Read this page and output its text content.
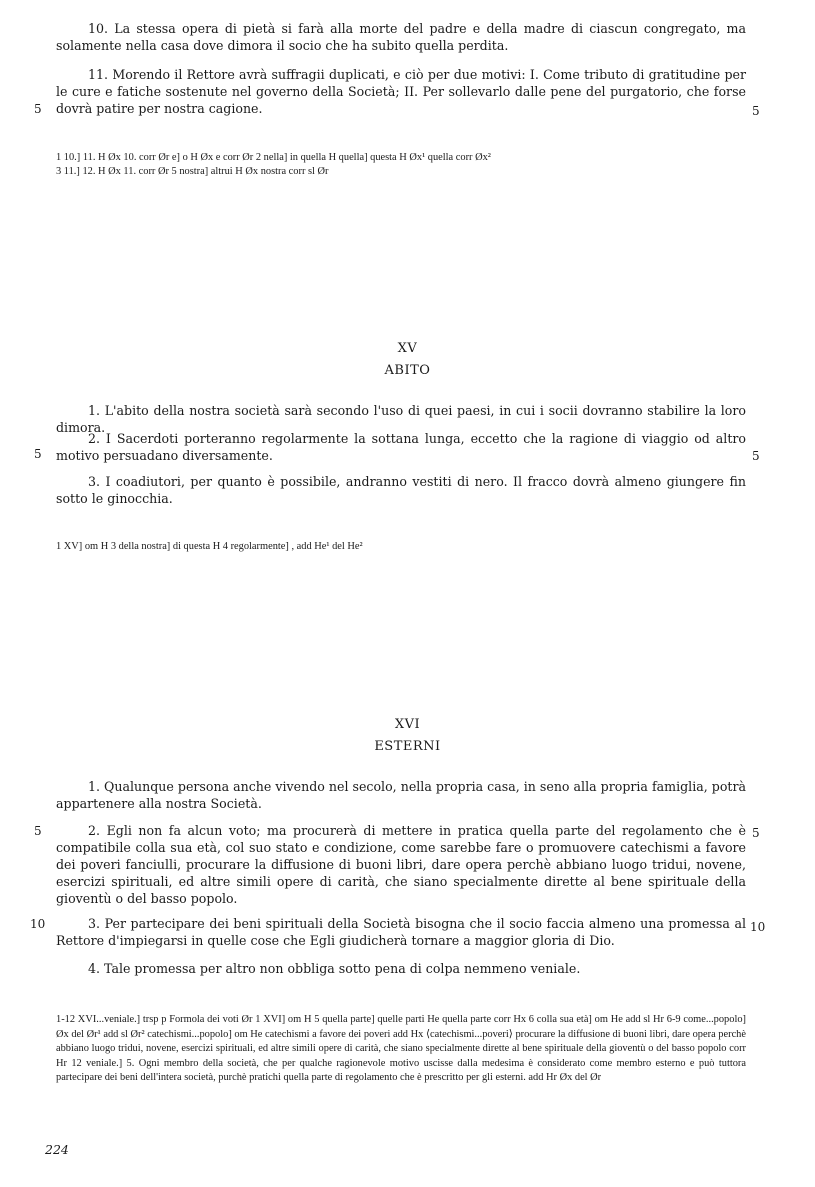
10. La stessa opera di pietà si farà alla morte del padre e della madre di ciascun congregato, ma solamente nella casa dove dimora il socio che ha subito quella perdita.
11. Morendo il Rettore avrà suffragii duplicati, e ciò per due motivi: I. Come tributo di gratitudine per le cure e fatiche sostenute nel governo della Società; II. Per sollevarlo dalle pene del purgatorio, che forse dovrà patire per nostra cagione.
5	5
1 10.] 11. H Øx 10. corr Ør e] o H Øx e corr Ør 2 nella] in quella H quella] questa H Øx¹ quella corr Øx²
3 11.] 12. H Øx 11. corr Ør 5 nostra] altrui H Øx nostra corr sl Ør
XV
ABITO
1. L'abito della nostra società sarà secondo l'uso di quei paesi, in cui i socii dovranno stabilire la loro dimora.
2. I Sacerdoti porteranno regolarmente la sottana lunga, eccetto che la ragione di viaggio od altro motivo persuadano diversamente.
5	5
3. I coadiutori, per quanto è possibile, andranno vestiti di nero. Il fracco dovrà almeno giungere fin sotto le ginocchia.
1 XV] om H 3 della nostra] di questa H 4 regolarmente] , add He¹ del He²
XVI
ESTERNI
1. Qualunque persona anche vivendo nel secolo, nella propria casa, in seno alla propria famiglia, potrà appartenere alla nostra Società.
2. Egli non fa alcun voto; ma procurerà di mettere in pratica quella parte del regolamento che è compatibile colla sua età, col suo stato e condizione, come sarebbe fare o promuovere catechismi a favore dei poveri fanciulli, procurare la diffusione di buoni libri, dare opera perchè abbiano luogo tridui, novene, esercizi spirituali, ed altre simili opere di carità, che siano specialmente dirette al bene spirituale della gioventù o del basso popolo.
5	5
3. Per partecipare dei beni spirituali della Società bisogna che il socio faccia almeno una promessa al Rettore d'impiegarsi in quelle cose che Egli giudicherà tornare a maggior gloria di Dio.
10	10
4. Tale promessa per altro non obbliga sotto pena di colpa nemmeno veniale.
1-12 XVI...veniale.] trsp p Formola dei voti Ør 1 XVI] om H 5 quella parte] quelle parti He quella parte corr Hx 6 colla sua età] om He add sl Hr 6-9 come...popolo] Øx del Ør¹ add sl Ør² catechismi...popolo] om He catechismi a favore dei poveri add Hx ⟨catechismi...poveri⟩ procurare la diffusione di buoni libri, dare opera perchè abbiano luogo tridui, novene, esercizi spirituali, ed altre simili opere di carità, che siano specialmente dirette al bene spirituale della gioventù o del basso popolo corr Hr 12 veniale.] 5. Ogni membro della società, che per qualche ragionevole motivo uscisse dalla medesima è considerato come membro esterno e può tuttora partecipare dei beni dell'intera società, purchè pratichi quella parte di regolamento che è prescritto per gli esterni. add Hr Øx del Ør
224
